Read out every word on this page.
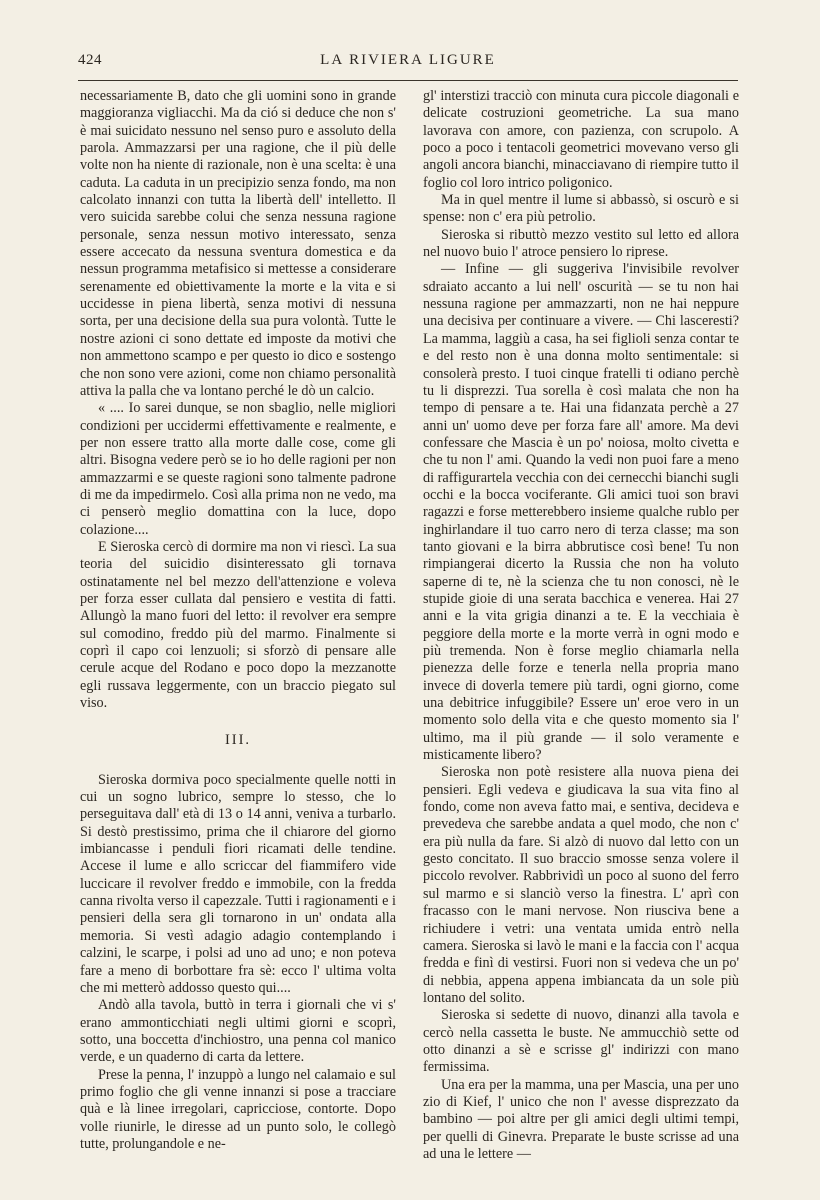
424	LA RIVIERA LIGURE

necessariamente B, dato che gli uomini sono in grande maggioranza vigliacchi. Ma da ció si deduce che non s' è mai suicidato nessuno nel senso puro e assoluto della parola. Ammazzarsi per una ragione, che il più delle volte non ha niente di razionale, non è una scelta: è una caduta. La caduta in un precipizio senza fondo, ma non calcolato innanzi con tutta la libertà dell' intelletto. Il vero suicida sarebbe colui che senza nessuna ragione personale, senza nessun motivo interessato, senza essere accecato da nessuna sventura domestica e da nessun programma metafisico si mettesse a considerare serenamente ed obiettivamente la morte e la vita e si uccidesse in piena libertà, senza motivi di nessuna sorta, per una decisione della sua pura volontà. Tutte le nostre azioni ci sono dettate ed imposte da motivi che non ammettono scampo e per questo io dico e sostengo che non sono vere azioni, come non chiamo personalità attiva la palla che va lontano perché le dò un calcio.

« .... Io sarei dunque, se non sbaglio, nelle migliori condizioni per uccidermi effettivamente e realmente, e per non essere tratto alla morte dalle cose, come gli altri. Bisogna vedere però se io ho delle ragioni per non ammazzarmi e se queste ragioni sono talmente padrone di me da impedirmelo. Così alla prima non ne vedo, ma ci penserò meglio domattina con la luce, dopo colazione....

E Sieroska cercò di dormire ma non vi riescì. La sua teoria del suicidio disinteressato gli tornava ostinatamente nel bel mezzo dell'attenzione e voleva per forza esser cullata dal pensiero e vestita di fatti. Allungò la mano fuori del letto: il revolver era sempre sul comodino, freddo più del marmo. Finalmente si coprì il capo coi lenzuoli; si sforzò di pensare alle cerule acque del Rodano e poco dopo la mezzanotte egli russava leggermente, con un braccio piegato sul viso.

III.

Sieroska dormiva poco specialmente quelle notti in cui un sogno lubrico, sempre lo stesso, che lo perseguitava dall' età di 13 o 14 anni, veniva a turbarlo. Si destò prestissimo, prima che il chiarore del giorno imbiancasse i penduli fiori ricamati delle tendine. Accese il lume e allo scriccar del fiammifero vide luccicare il revolver freddo e immobile, con la fredda canna rivolta verso il capezzale. Tutti i ragionamenti e i pensieri della sera gli tornarono in un' ondata alla memoria. Si vestì adagio adagio contemplando i calzini, le scarpe, i polsi ad uno ad uno; e non poteva fare a meno di borbottare fra sè: ecco l' ultima volta che mi metterò addosso questo qui....

Andò alla tavola, buttò in terra i giornali che vi s' erano ammonticchiati negli ultimi giorni e scoprì, sotto, una boccetta d'inchiostro, una penna col manico verde, e un quaderno di carta da lettere.

Prese la penna, l' inzuppò a lungo nel calamaio e sul primo foglio che gli venne innanzi si pose a tracciare quà e là linee irregolari, capricciose, contorte. Dopo volle riunirle, le diresse ad un punto solo, le collegò tutte, prolungandole e ne-

gl' interstizi tracciò con minuta cura piccole diagonali e delicate costruzioni geometriche. La sua mano lavorava con amore, con pazienza, con scrupolo. A poco a poco i tentacoli geometrici movevano verso gli angoli ancora bianchi, minacciavano di riempire tutto il foglio col loro intrico poligonico.

Ma in quel mentre il lume si abbassò, si oscurò e si spense: non c' era più petrolio.

Sieroska si ributtò mezzo vestito sul letto ed allora nel nuovo buio l' atroce pensiero lo riprese.

— Infine — gli suggeriva l'invisibile revolver sdraiato accanto a lui nell' oscurità — se tu non hai nessuna ragione per ammazzarti, non ne hai neppure una decisiva per continuare a vivere. — Chi lasceresti? La mamma, laggiù a casa, ha sei figlioli senza contar te e del resto non è una donna molto sentimentale: si consolerà presto. I tuoi cinque fratelli ti odiano perchè tu li disprezzi. Tua sorella è così malata che non ha tempo di pensare a te. Hai una fidanzata perchè a 27 anni un' uomo deve per forza fare all' amore. Ma devi confessare che Mascia è un po' noiosa, molto civetta e che tu non l' ami. Quando la vedi non puoi fare a meno di raffigurartela vecchia con dei cernecchi bianchi sugli occhi e la bocca vociferante. Gli amici tuoi son bravi ragazzi e forse metterebbero insieme qualche rublo per inghirlandare il tuo carro nero di terza classe; ma son tanto giovani e la birra abbrutisce così bene! Tu non rimpiangerai dicerto la Russia che non ha voluto saperne di te, nè la scienza che tu non conosci, nè le stupide gioie di una serata bacchica e venerea. Hai 27 anni e la vita grigia dinanzi a te. E la vecchiaia è peggiore della morte e la morte verrà in ogni modo e più tremenda. Non è forse meglio chiamarla nella pienezza delle forze e tenerla nella propria mano invece di doverla temere più tardi, ogni giorno, come una debitrice infuggibile? Essere un' eroe vero in un momento solo della vita e che questo momento sia l' ultimo, ma il più grande — il solo veramente e misticamente libero?

Sieroska non potè resistere alla nuova piena dei pensieri. Egli vedeva e giudicava la sua vita fino al fondo, come non aveva fatto mai, e sentiva, decideva e prevedeva che sarebbe andata a quel modo, che non c' era più nulla da fare. Si alzò di nuovo dal letto con un gesto concitato. Il suo braccio smosse senza volere il piccolo revolver. Rabbrividì un poco al suono del ferro sul marmo e si slanciò verso la finestra. L' aprì con fracasso con le mani nervose. Non riusciva bene a richiudere i vetri: una ventata umida entrò nella camera. Sieroska si lavò le mani e la faccia con l' acqua fredda e finì di vestirsi. Fuori non si vedeva che un po' di nebbia, appena appena imbiancata da un sole più lontano del solito.

Sieroska si sedette di nuovo, dinanzi alla tavola e cercò nella cassetta le buste. Ne ammucchiò sette od otto dinanzi a sè e scrisse gl' indirizzi con mano fermissima.

Una era per la mamma, una per Mascia, una per uno zio di Kief, l' unico che non l' avesse disprezzato da bambino — poi altre per gli amici degli ultimi tempi, per quelli di Ginevra. Preparate le buste scrisse ad una ad una le lettere —
